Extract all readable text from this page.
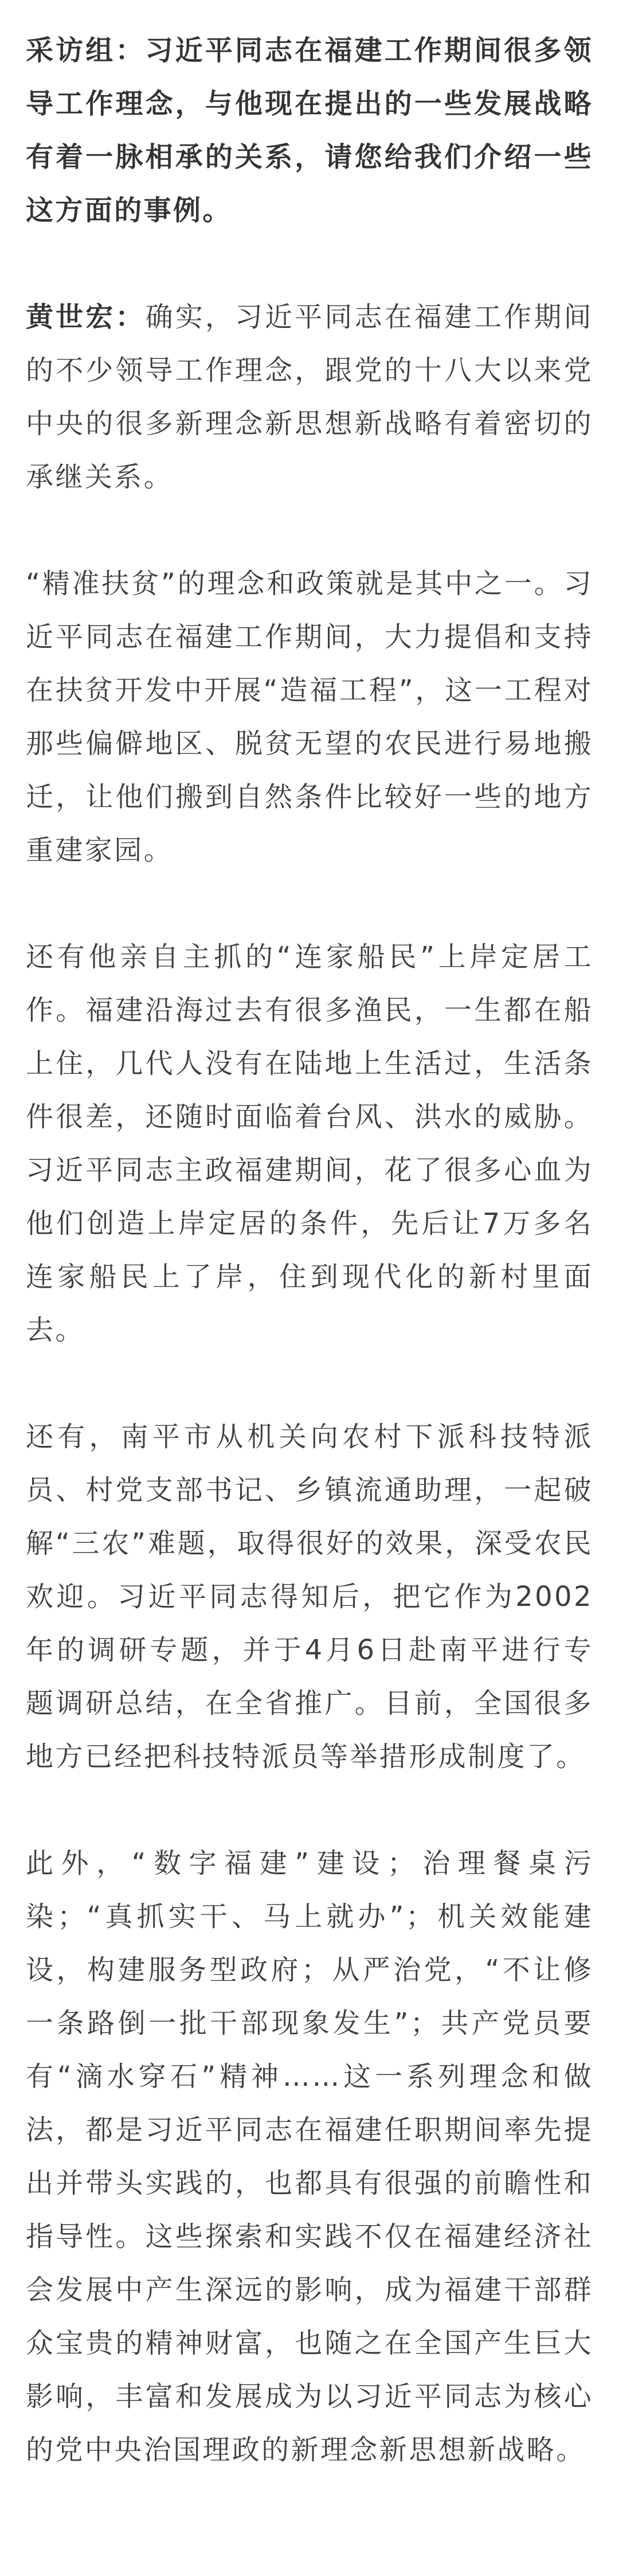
采访组：习近平同志在福建工作期间很多领导工作理念，与他现在提出的一些发展战略有着一脉相承的关系，请您给我们介绍一些这方面的事例。

黄世宏：确实，习近平同志在福建工作期间的不少领导工作理念，跟党的十八大以来党中央的很多新理念新思想新战略有着密切的承继关系。

“精准扶贫”的理念和政策就是其中之一。习近平同志在福建工作期间，大力提倡和支持在扶贫开发中开展“造福工程”，这一工程对那些偏僻地区、脱贫无望的农民进行易地搬迁，让他们搬到自然条件比较好一些的地方重建家园。

还有他亲自主抓的“连家船民”上岸定居工作。福建沿海过去有很多渔民，一生都在船上住，几代人没有在陆地上生活过，生活条件很差，还随时面临着台风、洪水的威胁。习近平同志主政福建期间，花了很多心血为他们创造上岸定居的条件，先后让7万多名连家船民上了岸，住到现代化的新村里面去。

还有，南平市从机关向农村下派科技特派员、村党支部书记、乡镇流通助理，一起破解“三农”难题，取得很好的效果，深受农民欢迎。习近平同志得知后，把它作为2002年的调研专题，并于4月6日赴南平进行专题调研总结，在全省推广。目前，全国很多地方已经把科技特派员等举措形成制度了。

此外，“数字福建”建设；治理餐桌污染；“真抓实干、马上就办”；机关效能建设，构建服务型政府；从严治党，“不让修一条路倒一批干部现象发生”；共产党员要有“滴水穿石”精神……这一系列理念和做法，都是习近平同志在福建任职期间率先提出并带头实践的，也都具有很强的前瞻性和指导性。这些探索和实践不仅在福建经济社会发展中产生深远的影响，成为福建干部群众宝贵的精神财富，也随之在全国产生巨大影响，丰富和发展成为以习近平同志为核心的党中央治国理政的新理念新思想新战略。
